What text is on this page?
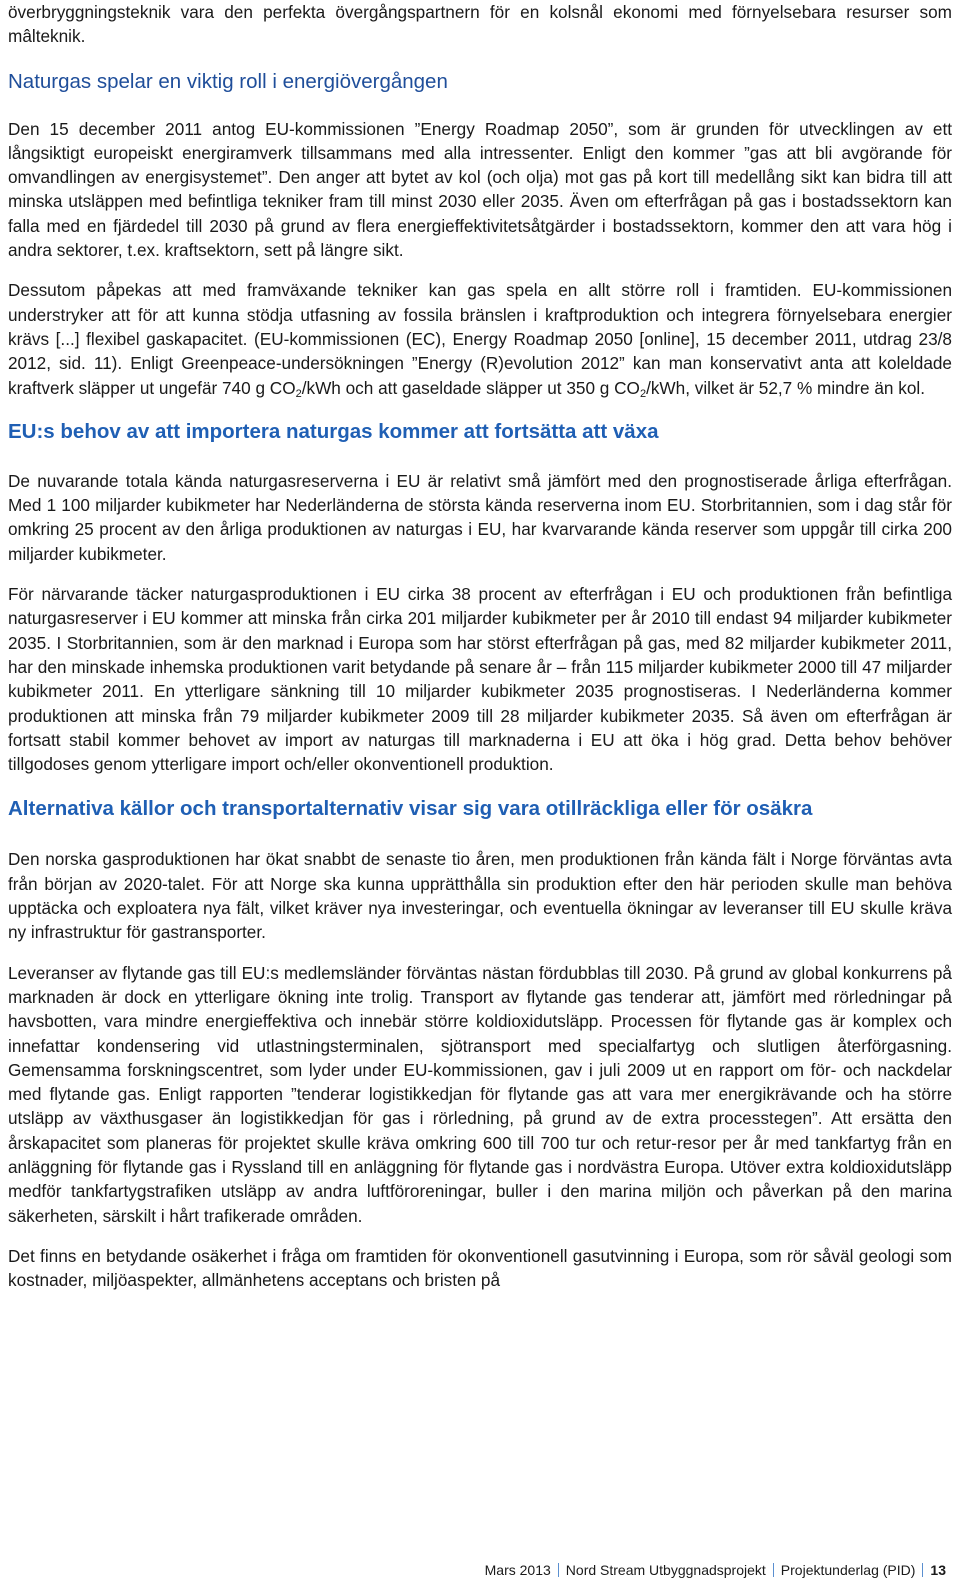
överbryggningsteknik vara den perfekta övergångspartnern för en kolsnål ekonomi med förnyelsebara resurser som mâlteknik.

Naturgas spelar en viktig roll i energiövergången

Den 15 december 2011 antog EU-kommissionen ”Energy Roadmap 2050”, som är grunden för utvecklingen av ett långsiktigt europeiskt energiramverk tillsammans med alla intressenter. Enligt den kommer ”gas att bli avgörande för omvandlingen av energisystemet”. Den anger att bytet av kol (och olja) mot gas på kort till medellång sikt kan bidra till att minska utsläppen med befintliga tekniker fram till minst 2030 eller 2035. Även om efterfrågan på gas i bostadssektorn kan falla med en fjärdedel till 2030 på grund av flera energieffektivitetsåtgärder i bostadssektorn, kommer den att vara hög i andra sektorer, t.ex. kraftsektorn, sett på längre sikt.

Dessutom påpekas att med framväxande tekniker kan gas spela en allt större roll i framtiden. EU-kommissionen understryker att för att kunna stödja utfasning av fossila bränslen i kraftproduktion och integrera förnyelsebara energier krävs [...] flexibel gaskapacitet. (EU-kommissionen (EC), Energy Roadmap 2050 [online], 15 december 2011, utdrag 23/8 2012, sid. 11). Enligt Greenpeace-undersökningen ”Energy (R)evolution 2012” kan man konservativt anta att koleldade kraftverk släpper ut ungefär 740 g $CO_2$/kWh och att gaseldade släpper ut 350 g $CO_2$/kWh, vilket är 52,7 % mindre än kol.

EU:s behov av att importera naturgas kommer att fortsätta att växa

De nuvarande totala kända naturgasreserverna i EU är relativt små jämfört med den prognostiserade årliga efterfrågan. Med 1 100 miljarder kubikmeter har Nederländerna de största kända reserverna inom EU. Storbritannien, som i dag står för omkring 25 procent av den årliga produktionen av naturgas i EU, har kvarvarande kända reserver som uppgår till cirka 200 miljarder kubikmeter.

För närvarande täcker naturgasproduktionen i EU cirka 38 procent av efterfrågan i EU och produktionen från befintliga naturgasreserver i EU kommer att minska från cirka 201 miljarder kubikmeter per år 2010 till endast 94 miljarder kubikmeter 2035. I Storbritannien, som är den marknad i Europa som har störst efterfrågan på gas, med 82 miljarder kubikmeter 2011, har den minskade inhemska produktionen varit betydande på senare år – från 115 miljarder kubikmeter 2000 till 47 miljarder kubikmeter 2011. En ytterligare sänkning till 10 miljarder kubikmeter 2035 prognostiseras. I Nederländerna kommer produktionen att minska från 79 miljarder kubikmeter 2009 till 28 miljarder kubikmeter 2035. Så även om efterfrågan är fortsatt stabil kommer behovet av import av naturgas till marknaderna i EU att öka i hög grad. Detta behov behöver tillgodoses genom ytterligare import och/eller okonventionell produktion.

Alternativa källor och transportalternativ visar sig vara otillräckliga eller för osäkra

Den norska gasproduktionen har ökat snabbt de senaste tio åren, men produktionen från kända fält i Norge förväntas avta från början av 2020-talet. För att Norge ska kunna upprätthålla sin produktion efter den här perioden skulle man behöva upptäcka och exploatera nya fält, vilket kräver nya investeringar, och eventuella ökningar av leveranser till EU skulle kräva ny infrastruktur för gastransporter.

Leveranser av flytande gas till EU:s medlemsländer förväntas nästan fördubblas till 2030. På grund av global konkurrens på marknaden är dock en ytterligare ökning inte trolig. Transport av flytande gas tenderar att, jämfört med rörledningar på havsbotten, vara mindre energieffektiva och innebär större koldioxidutsläpp. Processen för flytande gas är komplex och innefattar kondensering vid utlastningsterminalen, sjötransport med specialfartyg och slutligen återförgasning. Gemensamma forskningscentret, som lyder under EU-kommissionen, gav i juli 2009 ut en rapport om för- och nackdelar med flytande gas. Enligt rapporten ”tenderar logistikkedjan för flytande gas att vara mer energikrävande och ha större utsläpp av växthusgaser än logistikkedjan för gas i rörledning, på grund av de extra processtegen”. Att ersätta den årskapacitet som planeras för projektet skulle kräva omkring 600 till 700 tur och retur-resor per år med tankfartyg från en anläggning för flytande gas i Ryssland till en anläggning för flytande gas i nordvästra Europa. Utöver extra koldioxidutsläpp medför tankfartygstrafiken utsläpp av andra luftföroreningar, buller i den marina miljön och påverkan på den marina säkerheten, särskilt i hårt trafikerade områden.

Det finns en betydande osäkerhet i fråga om framtiden för okonventionell gasutvinning i Europa, som rör såväl geologi som kostnader, miljöaspekter, allmänhetens acceptans och bristen på

Mars 2013 Nord Stream Utbyggnadsprojekt Projektunderlag (PID) 13
